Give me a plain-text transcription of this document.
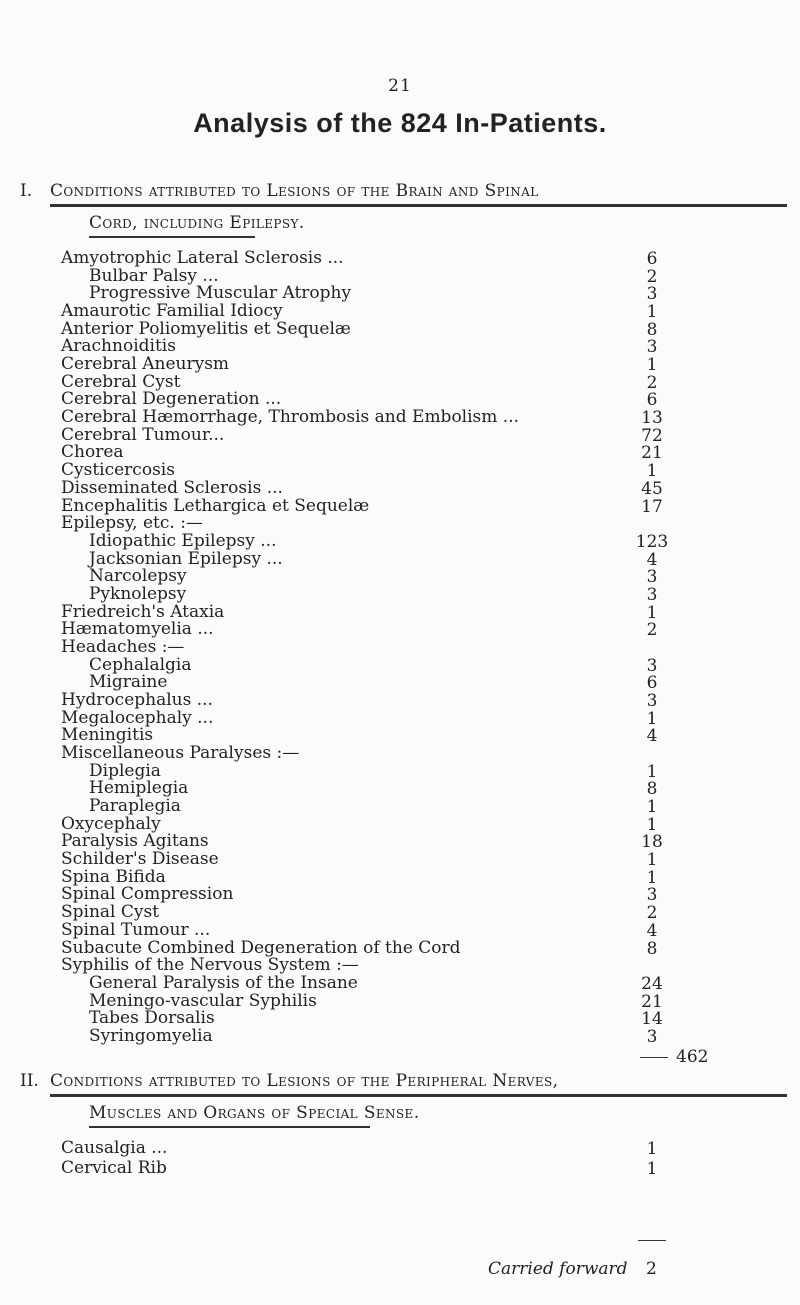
21
Analysis of the 824 In-Patients.
I. Conditions attributed to Lesions of the Brain and Spinal
Cord, including Epilepsy.
Amyotrophic Lateral Sclerosis ...	6
Bulbar Palsy ...	2
Progressive Muscular Atrophy	3
Amaurotic Familial Idiocy	1
Anterior Poliomyelitis et Sequelæ	8
Arachnoiditis	3
Cerebral Aneurysm	1
Cerebral Cyst	2
Cerebral Degeneration ...	6
Cerebral Hæmorrhage, Thrombosis and Embolism ...	13
Cerebral Tumour...	72
Chorea	21
Cysticercosis	1
Disseminated Sclerosis ...	45
Encephalitis Lethargica et Sequelæ	17
Epilepsy, etc. :—
Idiopathic Epilepsy ...	123
Jacksonian Epilepsy ...	4
Narcolepsy	3
Pyknolepsy	3
Friedreich's Ataxia	1
Hæmatomyelia ...	2
Headaches :—
Cephalalgia	3
Migraine	6
Hydrocephalus ...	3
Megalocephaly ...	1
Meningitis	4
Miscellaneous Paralyses :—
Diplegia	1
Hemiplegia	8
Paraplegia	1
Oxycephaly	1
Paralysis Agitans	18
Schilder's Disease	1
Spina Bifida	1
Spinal Compression	3
Spinal Cyst	2
Spinal Tumour ...	4
Subacute Combined Degeneration of the Cord	8
Syphilis of the Nervous System :—
General Paralysis of the Insane	24
Meningo-vascular Syphilis	21
Tabes Dorsalis	14
Syringomyelia	3
462
II. Conditions attributed to Lesions of the Peripheral Nerves,
Muscles and Organs of Special Sense.
Causalgia ...	1
Cervical Rib	1
Carried forward 2
